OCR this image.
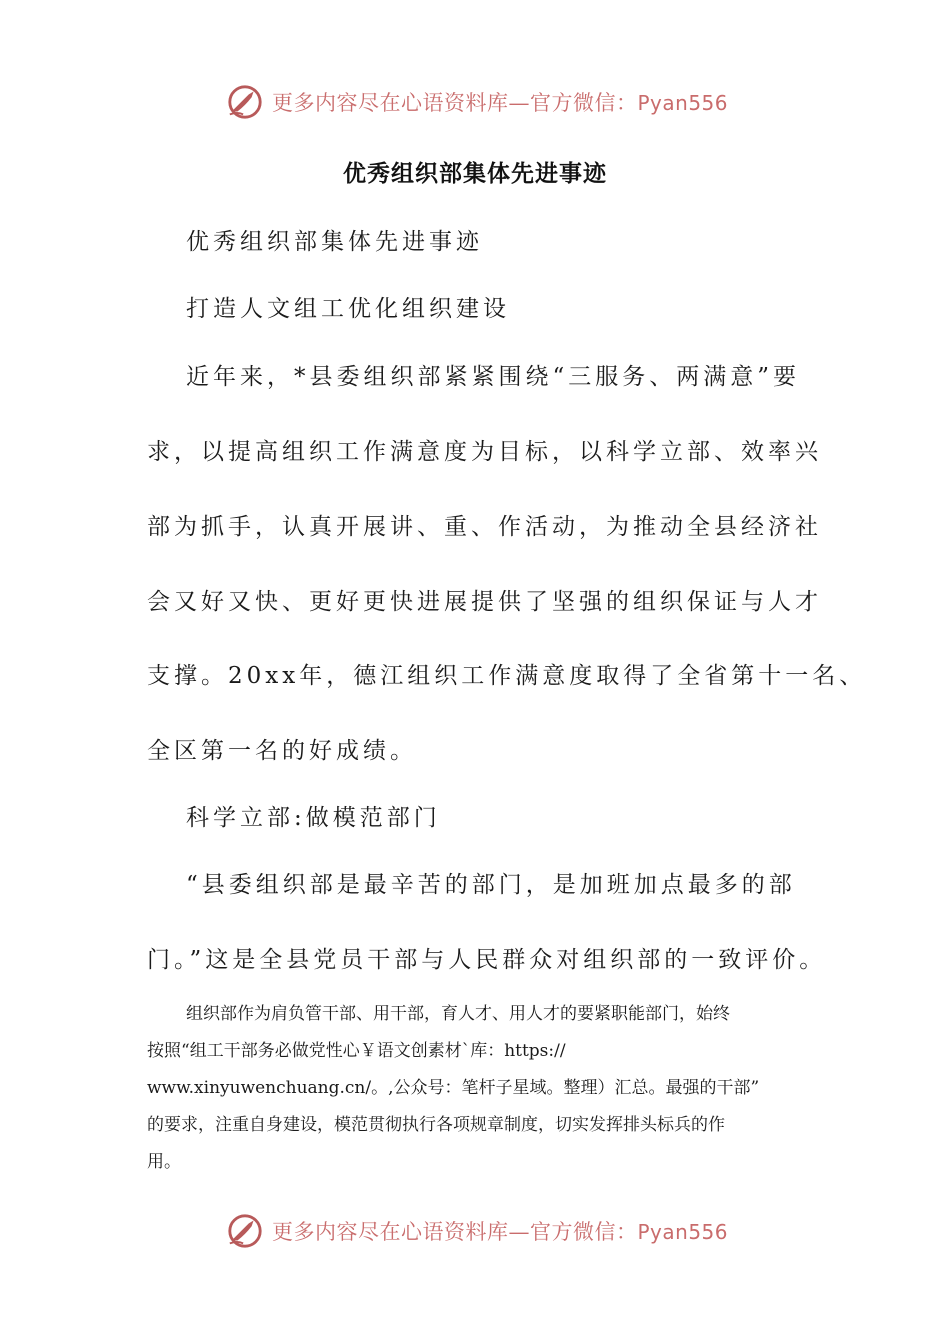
更多内容尽在心语资料库—官方微信：Pyan556
优秀组织部集体先进事迹
优秀组织部集体先进事迹
打造人文组工优化组织建设
近年来，*县委组织部紧紧围绕“三服务、两满意”要
求，以提高组织工作满意度为目标，以科学立部、效率兴
部为抓手，认真开展讲、重、作活动，为推动全县经济社
会又好又快、更好更快进展提供了坚强的组织保证与人才
支撑。20xx年，德江组织工作满意度取得了全省第十一名、
全区第一名的好成绩。
科学立部:做模范部门
“县委组织部是最辛苦的部门，是加班加点最多的部
门。”这是全县党员干部与人民群众对组织部的一致评价。
组织部作为肩负管干部、用干部，育人才、用人才的要紧职能部门，始终
按照“组工干部务必做党性心￥语文创素材`库：https://
www.xinyuwenchuang.cn/。,公众号：笔杆子星域。整理）汇总。最强的干部”
的要求，注重自身建设，模范贯彻执行各项规章制度，切实发挥排头标兵的作
用。
更多内容尽在心语资料库—官方微信：Pyan556
